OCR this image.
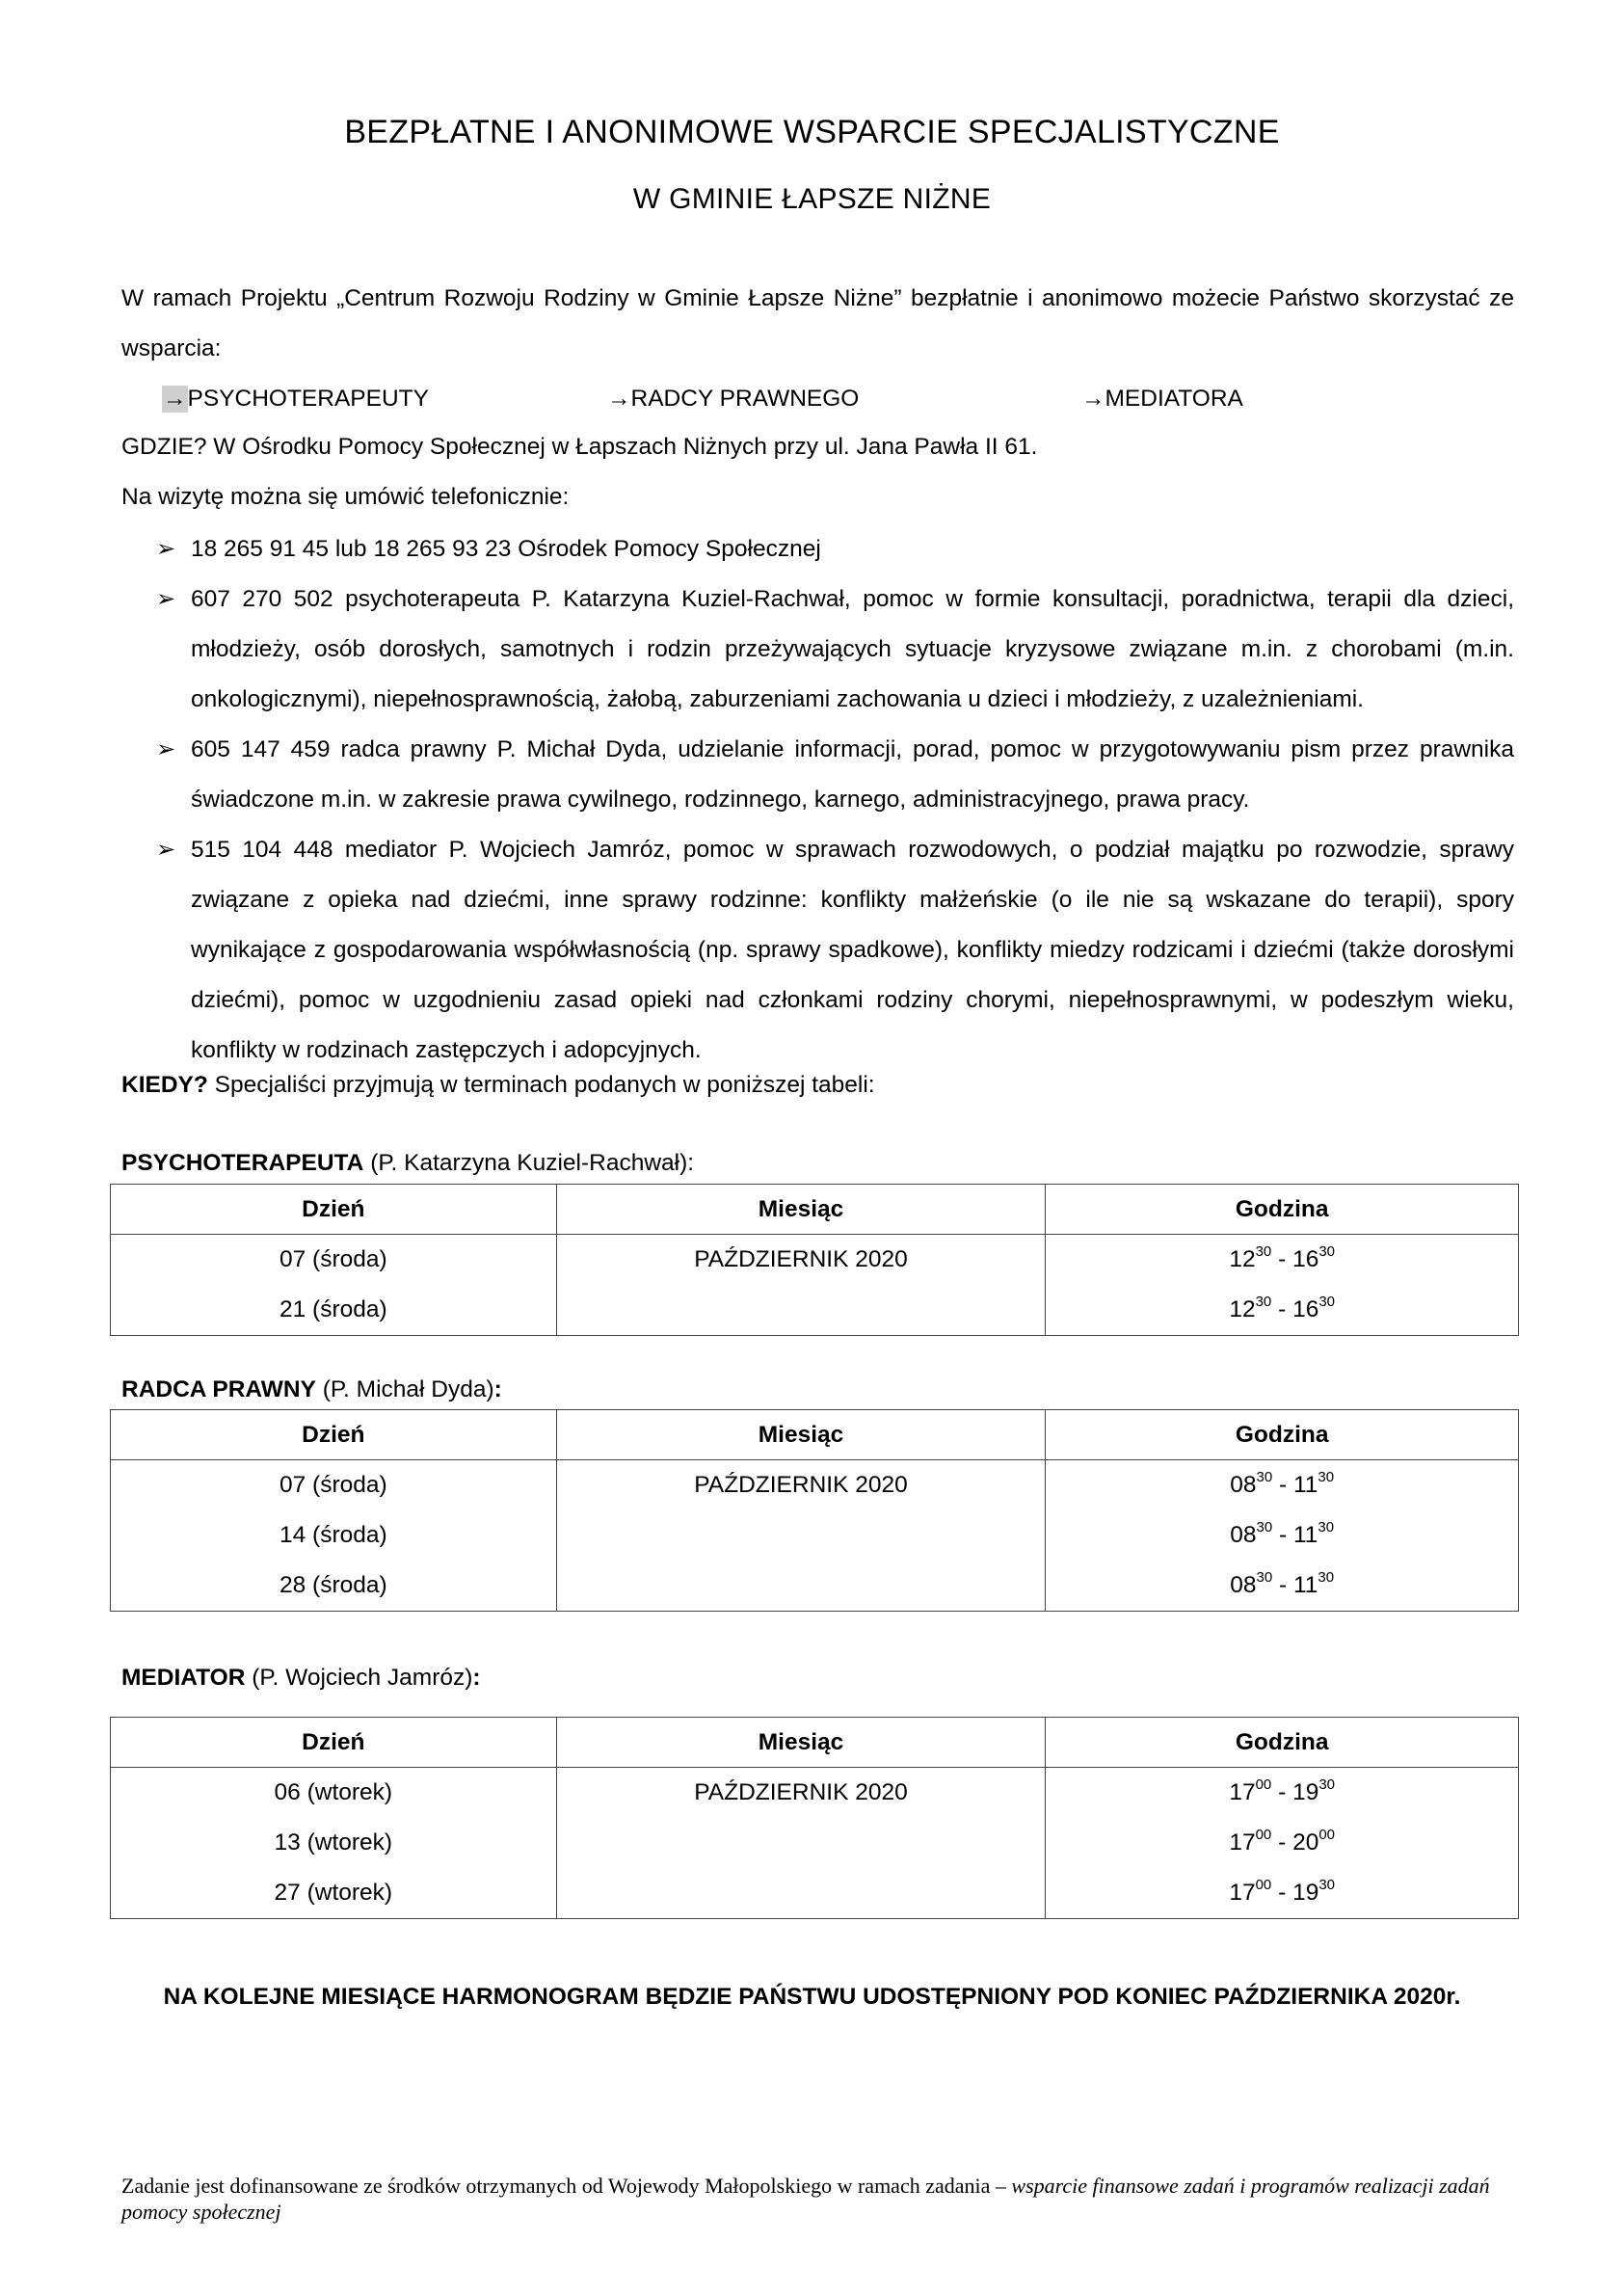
BEZPŁATNE I ANONIMOWE WSPARCIE SPECJALISTYCZNE
W GMINIE ŁAPSZE NIŻNE
W ramach Projektu „Centrum Rozwoju Rodziny w Gminie Łapsze Niżne” bezpłatnie i anonimowo możecie Państwo skorzystać ze wsparcia:
→PSYCHOTERAPEUTY	→RADCY PRAWNEGO	→MEDIATORA
GDZIE? W Ośrodku Pomocy Społecznej w Łapszach Niżnych przy ul. Jana Pawła II 61.
Na wizytę można się umówić telefonicznie:
➢ 18 265 91 45 lub 18 265 93 23 Ośrodek Pomocy Społecznej
➢ 607 270 502 psychoterapeuta P. Katarzyna Kuziel-Rachwał, pomoc w formie konsultacji, poradnictwa, terapii dla dzieci, młodzieży, osób dorosłych, samotnych i rodzin przeżywających sytuacje kryzysowe związane m.in. z chorobami (m.in. onkologicznymi), niepełnosprawnością, żałobą, zaburzeniami zachowania u dzieci i młodzieży, z uzależnieniami.
➢ 605 147 459 radca prawny P. Michał Dyda, udzielanie informacji, porad, pomoc w przygotowywaniu pism przez prawnika świadczone m.in. w zakresie prawa cywilnego, rodzinnego, karnego, administracyjnego, prawa pracy.
➢ 515 104 448 mediator P. Wojciech Jamróz, pomoc w sprawach rozwodowych, o podział majątku po rozwodzie, sprawy związane z opieka nad dziećmi, inne sprawy rodzinne: konflikty małżeńskie (o ile nie są wskazane do terapii), spory wynikające z gospodarowania współwłasnością (np. sprawy spadkowe), konflikty miedzy rodzicami i dziećmi (także dorosłymi dziećmi), pomoc w uzgodnieniu zasad opieki nad członkami rodziny chorymi, niepełnosprawnymi, w podeszłym wieku, konflikty w rodzinach zastępczych i adopcyjnych.
KIEDY? Specjaliści przyjmują w terminach podanych w poniższej tabeli:
PSYCHOTERAPEUTA (P. Katarzyna Kuziel-Rachwał):
Dzień	Miesiąc	Godzina
07 (środa)	PAŹDZIERNIK 2020	$12^{30} - 16^{30}$
21 (środa)		$12^{30} - 16^{30}$
RADCA PRAWNY (P. Michał Dyda):
Dzień	Miesiąc	Godzina
07 (środa)	PAŹDZIERNIK 2020	$08^{30} - 11^{30}$
14 (środa)		$08^{30} - 11^{30}$
28 (środa)		$08^{30} - 11^{30}$
MEDIATOR (P. Wojciech Jamróz):
Dzień	Miesiąc	Godzina
06 (wtorek)	PAŹDZIERNIK 2020	$17^{00} - 19^{30}$
13 (wtorek)		$17^{00} - 20^{00}$
27 (wtorek)		$17^{00} - 19^{30}$
NA KOLEJNE MIESIĄCE HARMONOGRAM BĘDZIE PAŃSTWU UDOSTĘPNIONY POD KONIEC PAŹDZIERNIKA 2020r.
Zadanie jest dofinansowane ze środków otrzymanych od Wojewody Małopolskiego w ramach zadania – wsparcie finansowe zadań i programów realizacji zadań pomocy społecznej
